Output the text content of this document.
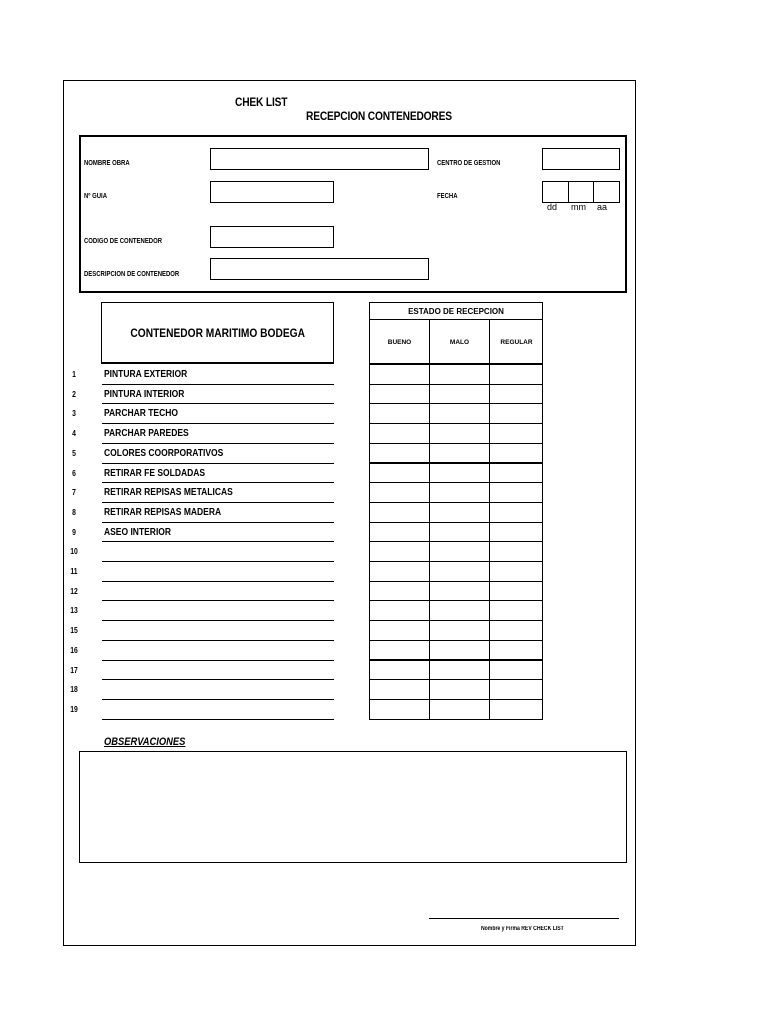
CHEK LIST
RECEPCION CONTENEDORES
NOMBRE OBRA	CENTRO DE GESTION
Nº GUIA	FECHA
dd mm aa
CODIGO DE CONTENEDOR
DESCRIPCION DE CONTENEDOR
CONTENEDOR MARITIMO BODEGA
ESTADO DE RECEPCION
BUENO	MALO	REGULAR
1	PINTURA EXTERIOR
2	PINTURA INTERIOR
3	PARCHAR TECHO
4	PARCHAR PAREDES
5	COLORES COORPORATIVOS
6	RETIRAR FE SOLDADAS
7	RETIRAR REPISAS METALICAS
8	RETIRAR REPISAS MADERA
9	ASEO INTERIOR
10
11
12
13
15
16
17
18
19
OBSERVACIONES
Nombre y Firma REV CHECK LIST
